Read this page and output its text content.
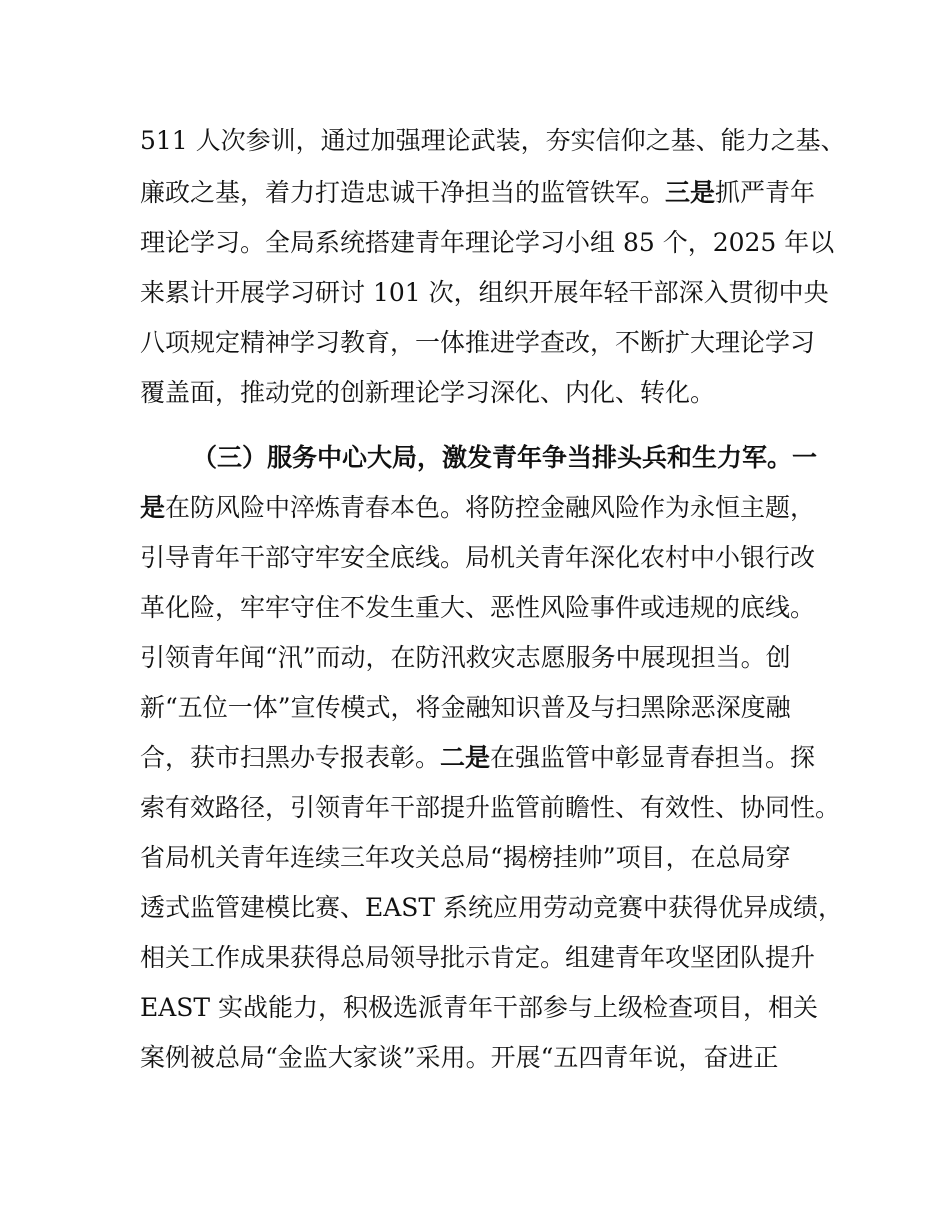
511 人次参训，通过加强理论武装，夯实信仰之基、能力之基、
廉政之基，着力打造忠诚干净担当的监管铁军。三是抓严青年
理论学习。全局系统搭建青年理论学习小组 85 个，2025 年以
来累计开展学习研讨 101 次，组织开展年轻干部深入贯彻中央
八项规定精神学习教育，一体推进学查改，不断扩大理论学习
覆盖面，推动党的创新理论学习深化、内化、转化。
（三）服务中心大局，激发青年争当排头兵和生力军。一
是在防风险中淬炼青春本色。将防控金融风险作为永恒主题，
引导青年干部守牢安全底线。局机关青年深化农村中小银行改
革化险，牢牢守住不发生重大、恶性风险事件或违规的底线。
引领青年闻“汛”而动，在防汛救灾志愿服务中展现担当。创
新“五位一体”宣传模式，将金融知识普及与扫黑除恶深度融
合，获市扫黑办专报表彰。二是在强监管中彰显青春担当。探
索有效路径，引领青年干部提升监管前瞻性、有效性、协同性。
省局机关青年连续三年攻关总局“揭榜挂帅”项目，在总局穿
透式监管建模比赛、EAST 系统应用劳动竞赛中获得优异成绩，
相关工作成果获得总局领导批示肯定。组建青年攻坚团队提升
EAST 实战能力，积极选派青年干部参与上级检查项目，相关
案例被总局“金监大家谈”采用。开展“五四青年说，奋进正
